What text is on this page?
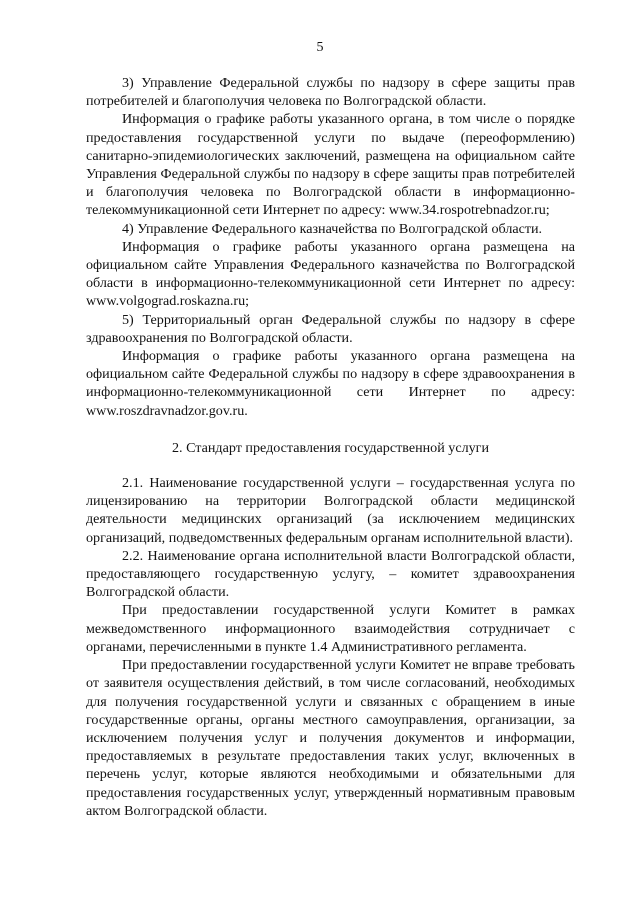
5

3) Управление Федеральной службы по надзору в сфере защиты прав потребителей и благополучия человека по Волгоградской области.

Информация о графике работы указанного органа, в том числе о порядке предоставления государственной услуги по выдаче (переоформлению) санитарно-эпидемиологических заключений, размещена на официальном сайте Управления Федеральной службы по надзору в сфере защиты прав потребителей и благополучия человека по Волгоградской области в информационно-телекоммуникационной сети Интернет по адресу: www.34.rospotrebnadzor.ru;

4) Управление Федерального казначейства по Волгоградской области.

Информация о графике работы указанного органа размещена на официальном сайте Управления Федерального казначейства по Волгоградской области в информационно-телекоммуникационной сети Интернет по адресу: www.volgograd.roskazna.ru;

5) Территориальный орган Федеральной службы по надзору в сфере здравоохранения по Волгоградской области.

Информация о графике работы указанного органа размещена на официальном сайте Федеральной службы по надзору в сфере здравоохранения в информационно-телекоммуникационной сети Интернет по адресу: www.roszdravnadzor.gov.ru.

2. Стандарт предоставления государственной услуги

2.1. Наименование государственной услуги – государственная услуга по лицензированию на территории Волгоградской области медицинской деятельности медицинских организаций (за исключением медицинских организаций, подведомственных федеральным органам исполнительной власти).

2.2. Наименование органа исполнительной власти Волгоградской области, предоставляющего государственную услугу, – комитет здравоохранения Волгоградской области.

При предоставлении государственной услуги Комитет в рамках межведомственного информационного взаимодействия сотрудничает с органами, перечисленными в пункте 1.4 Административного регламента.

При предоставлении государственной услуги Комитет не вправе требовать от заявителя осуществления действий, в том числе согласований, необходимых для получения государственной услуги и связанных с обращением в иные государственные органы, органы местного самоуправления, организации, за исключением получения услуг и получения документов и информации, предоставляемых в результате предоставления таких услуг, включенных в перечень услуг, которые являются необходимыми и обязательными для предоставления государственных услуг, утвержденный нормативным правовым актом Волгоградской области.
